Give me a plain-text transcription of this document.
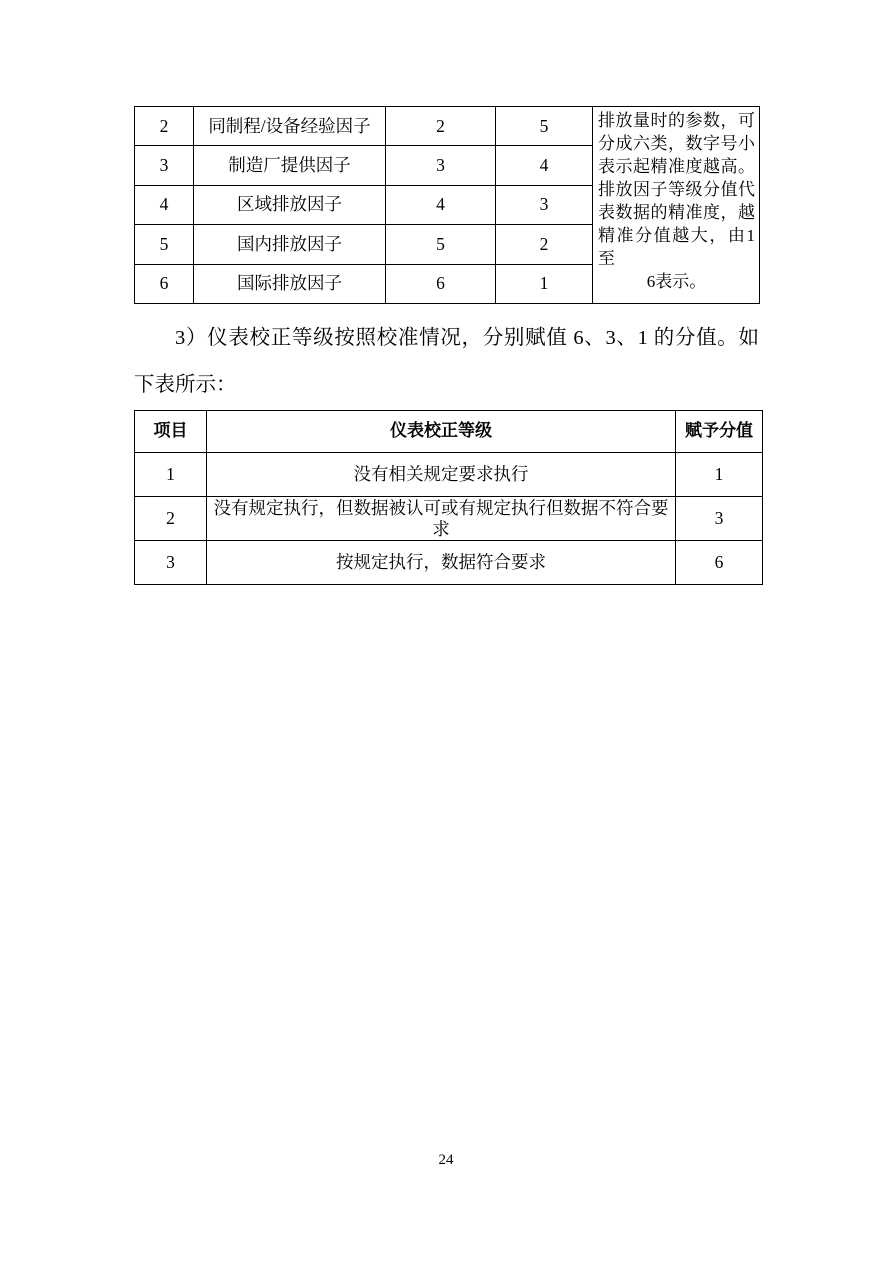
2	同制程/设备经验因子	2	5	排放量时的参数，可
分成六类，数字号小
表示起精准度越高。
排放因子等级分值代
表数据的精准度，越
精准分值越大，由1至
6表示。

3	制造厂提供因子	3	4	
4	区域排放因子	4	3	
5	国内排放因子	5	2	
6	国际排放因子	6	1	
3）仪表校正等级按照校准情况，分别赋值 6、3、1 的分值。如
下表所示：
项目	仪表校正等级	赋予分值
1	没有相关规定要求执行	1
2	没有规定执行，但数据被认可或有规定执行但数据不符合要求	3
3	按规定执行，数据符合要求	6
24
